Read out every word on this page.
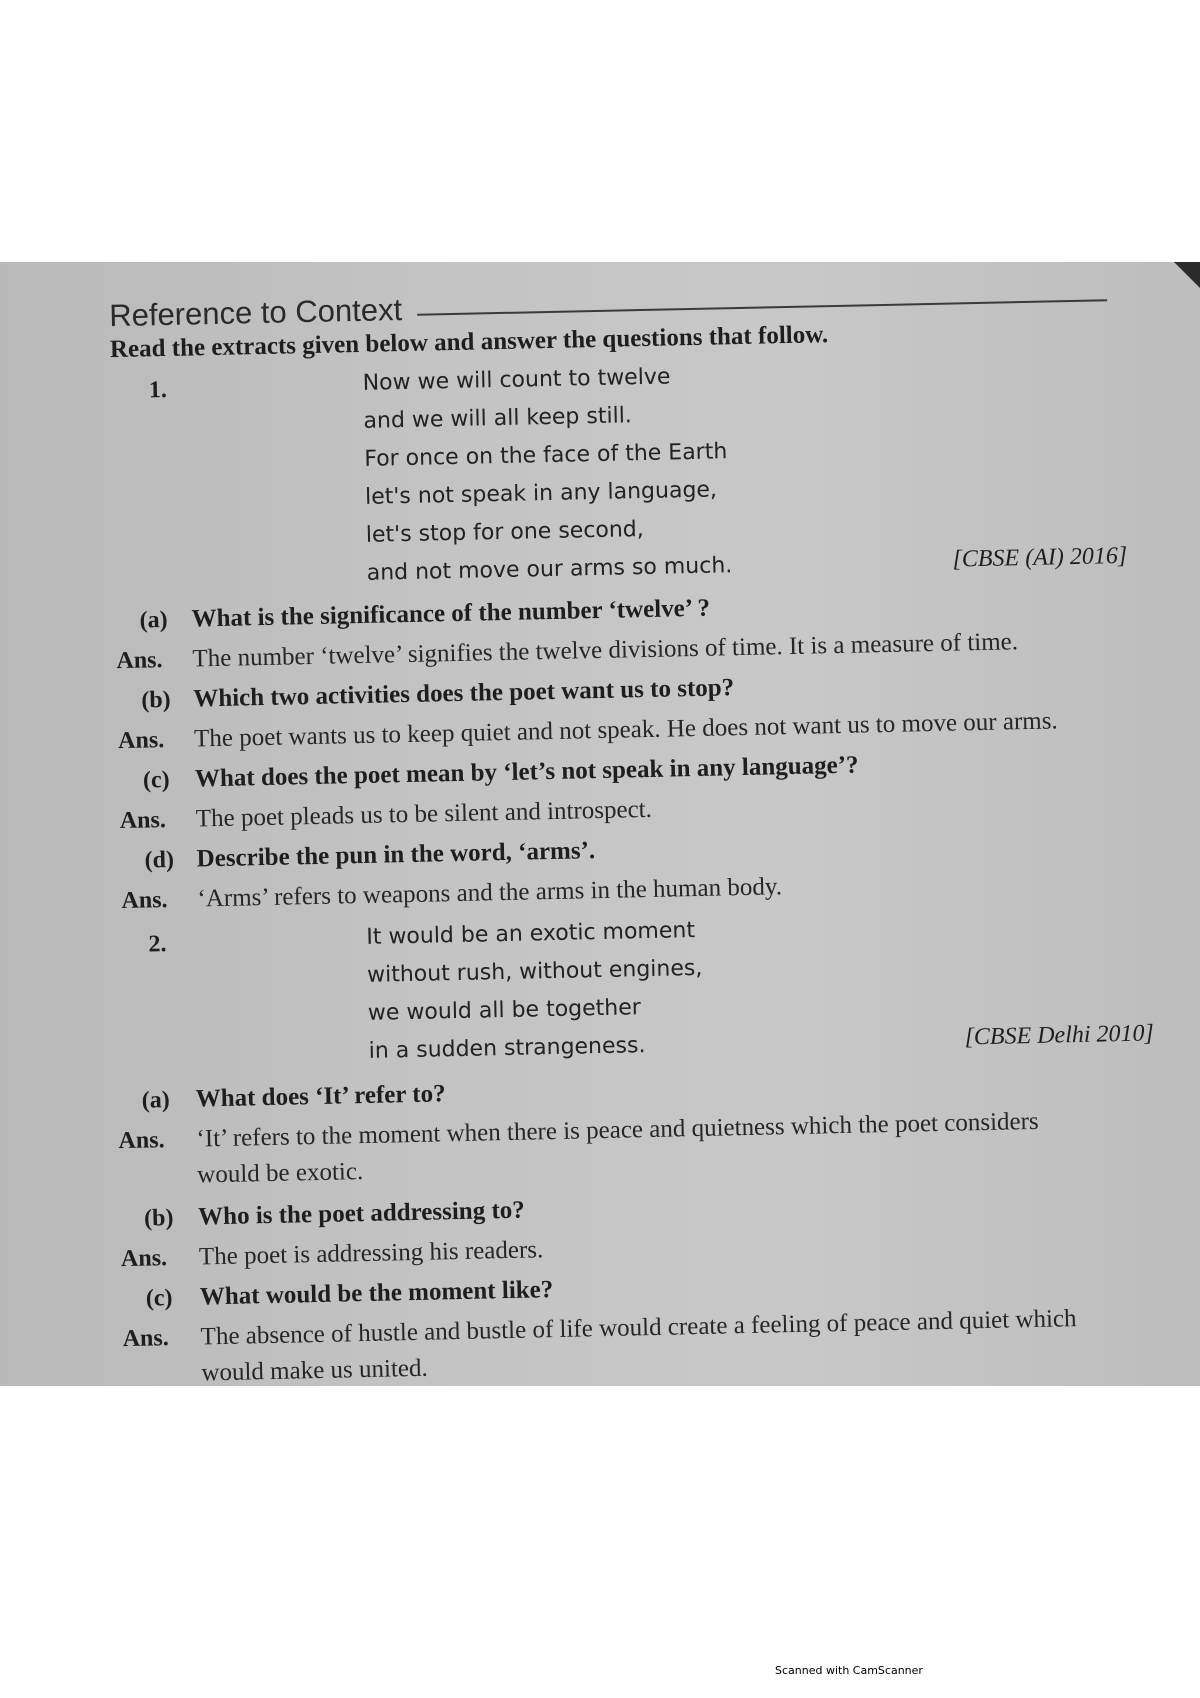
Reference to Context
Read the extracts given below and answer the questions that follow.
1.	Now we will count to twelve
and we will all keep still.
For once on the face of the Earth
let's not speak in any language,
let's stop for one second,
and not move our arms so much.	[CBSE (AI) 2016]
(a) What is the significance of the number ‘twelve’ ?
Ans. The number ‘twelve’ signifies the twelve divisions of time. It is a measure of time.
(b) Which two activities does the poet want us to stop?
Ans. The poet wants us to keep quiet and not speak. He does not want us to move our arms.
(c) What does the poet mean by ‘let’s not speak in any language’?
Ans. The poet pleads us to be silent and introspect.
(d) Describe the pun in the word, ‘arms’.
Ans. ‘Arms’ refers to weapons and the arms in the human body.
2.	It would be an exotic moment
without rush, without engines,
we would all be together
in a sudden strangeness.	[CBSE Delhi 2010]
(a) What does ‘It’ refer to?
Ans. ‘It’ refers to the moment when there is peace and quietness which the poet considers
would be exotic.
(b) Who is the poet addressing to?
Ans. The poet is addressing his readers.
(c) What would be the moment like?
Ans. The absence of hustle and bustle of life would create a feeling of peace and quiet which
would make us united.
Scanned with CamScanner
